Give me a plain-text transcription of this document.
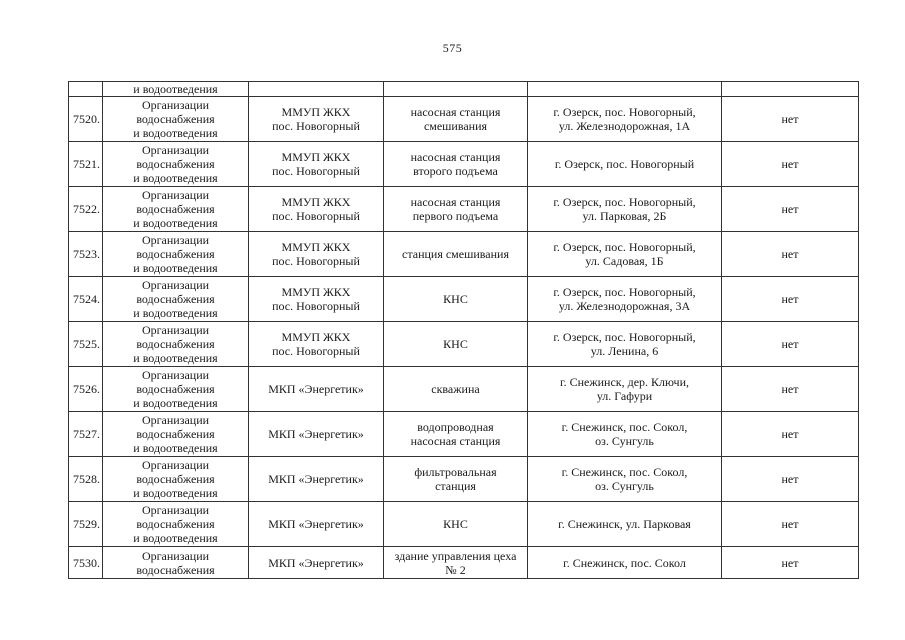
575

	и водоотведения				

7520.	Организации
водоснабжения
и водоотведения	ММУП ЖКХ
пос. Новогорный	насосная станция
смешивания	г. Озерск, пос. Новогорный,
ул. Железнодорожная, 1А	нет
7521.	Организации
водоснабжения
и водоотведения	ММУП ЖКХ
пос. Новогорный	насосная станция
второго подъема	г. Озерск, пос. Новогорный	нет
7522.	Организации
водоснабжения
и водоотведения	ММУП ЖКХ
пос. Новогорный	насосная станция
первого подъема	г. Озерск, пос. Новогорный,
ул. Парковая, 2Б	нет
7523.	Организации
водоснабжения
и водоотведения	ММУП ЖКХ
пос. Новогорный	станция смешивания	г. Озерск, пос. Новогорный,
ул. Садовая, 1Б	нет
7524.	Организации
водоснабжения
и водоотведения	ММУП ЖКХ
пос. Новогорный	КНС	г. Озерск, пос. Новогорный,
ул. Железнодорожная, 3А	нет
7525.	Организации
водоснабжения
и водоотведения	ММУП ЖКХ
пос. Новогорный	КНС	г. Озерск, пос. Новогорный,
ул. Ленина, 6	нет
7526.	Организации
водоснабжения
и водоотведения	МКП «Энергетик»	скважина	г. Снежинск, дер. Ключи,
ул. Гафури	нет
7527.	Организации
водоснабжения
и водоотведения	МКП «Энергетик»	водопроводная
насосная станция	г. Снежинск, пос. Сокол,
оз. Сунгуль	нет
7528.	Организации
водоснабжения
и водоотведения	МКП «Энергетик»	фильтровальная
станция	г. Снежинск, пос. Сокол,
оз. Сунгуль	нет
7529.	Организации
водоснабжения
и водоотведения	МКП «Энергетик»	КНС	г. Снежинск, ул. Парковая	нет
7530.	Организации
водоснабжения	МКП «Энергетик»	здание управления цеха
№ 2	г. Снежинск, пос. Сокол	нет
